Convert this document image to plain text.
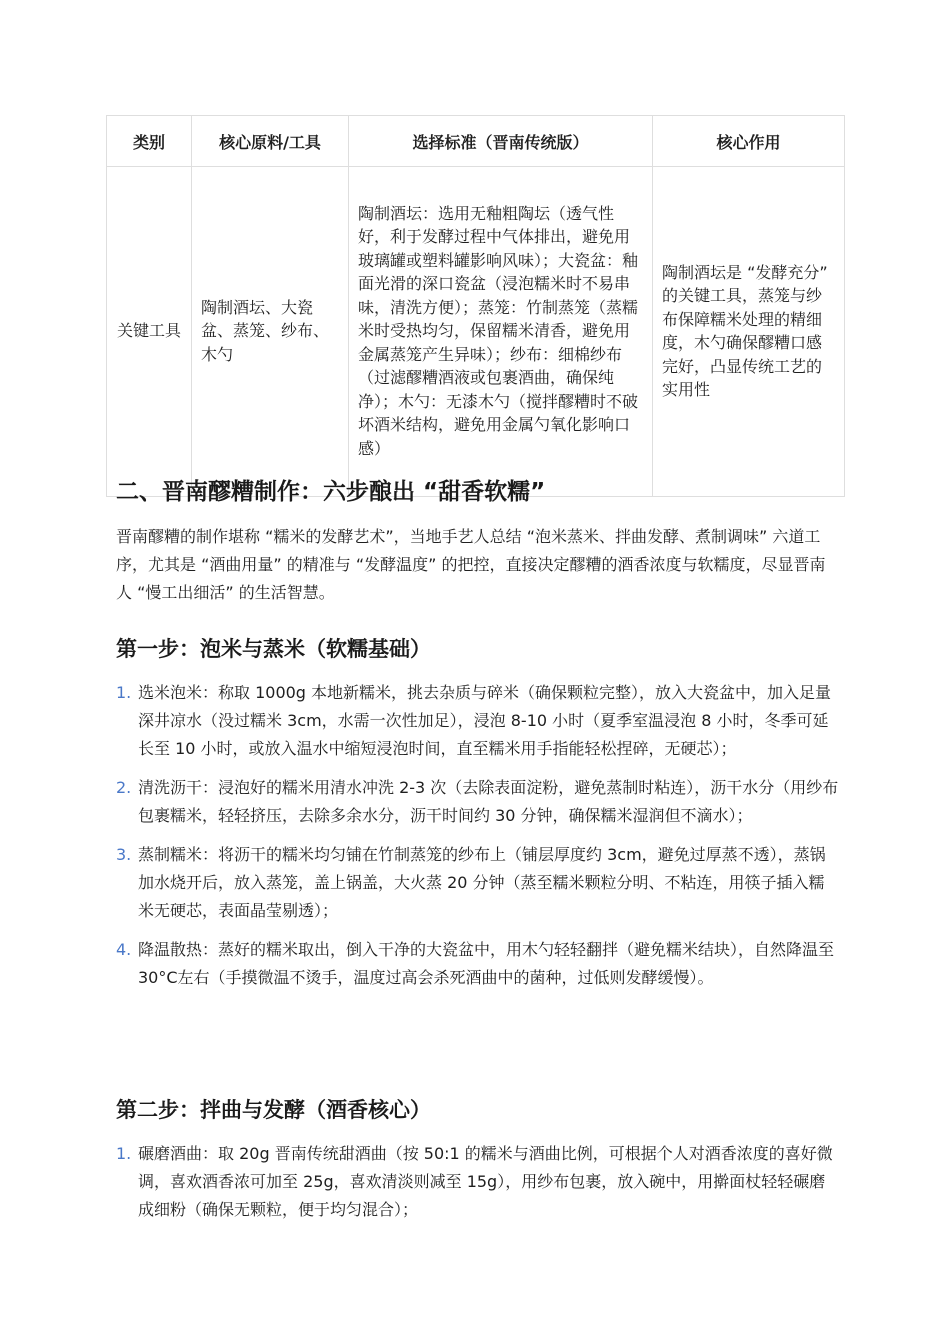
类别	核心原料/工具	选择标准（晋南传统版）	核心作用
关键工具	陶制酒坛、大瓷盆、蒸笼、纱布、木勺	陶制酒坛：选用无釉粗陶坛（透气性好，利于发酵过程中气体排出，避免用玻璃罐或塑料罐影响风味）；大瓷盆：釉面光滑的深口瓷盆（浸泡糯米时不易串味，清洗方便）；蒸笼：竹制蒸笼（蒸糯米时受热均匀，保留糯米清香，避免用金属蒸笼产生异味）；纱布：细棉纱布（过滤醪糟酒液或包裹酒曲，确保纯净）；木勺：无漆木勺（搅拌醪糟时不破坏酒米结构，避免用金属勺氧化影响口感）	陶制酒坛是 “发酵充分” 的关键工具，蒸笼与纱布保障糯米处理的精细度，木勺确保醪糟口感完好，凸显传统工艺的实用性
二、晋南醪糟制作：六步酿出 “甜香软糯”

晋南醪糟的制作堪称 “糯米的发酵艺术”，当地手艺人总结 “泡米蒸米、拌曲发酵、煮制调味” 六道工序，尤其是 “酒曲用量” 的精准与 “发酵温度” 的把控，直接决定醪糟的酒香浓度与软糯度，尽显晋南人 “慢工出细活” 的生活智慧。

第一步：泡米与蒸米（软糯基础）
1. 选米泡米：称取 1000g 本地新糯米，挑去杂质与碎米（确保颗粒完整），放入大瓷盆中，加入足量深井凉水（没过糯米 3cm，水需一次性加足），浸泡 8-10 小时（夏季室温浸泡 8 小时，冬季可延长至 10 小时，或放入温水中缩短浸泡时间，直至糯米用手指能轻松捏碎，无硬芯）；
2. 清洗沥干：浸泡好的糯米用清水冲洗 2-3 次（去除表面淀粉，避免蒸制时粘连），沥干水分（用纱布包裹糯米，轻轻挤压，去除多余水分，沥干时间约 30 分钟，确保糯米湿润但不滴水）；
3. 蒸制糯米：将沥干的糯米均匀铺在竹制蒸笼的纱布上（铺层厚度约 3cm，避免过厚蒸不透），蒸锅加水烧开后，放入蒸笼，盖上锅盖，大火蒸 20 分钟（蒸至糯米颗粒分明、不粘连，用筷子插入糯米无硬芯，表面晶莹剔透）；
4. 降温散热：蒸好的糯米取出，倒入干净的大瓷盆中，用木勺轻轻翻拌（避免糯米结块），自然降温至 30°C左右（手摸微温不烫手，温度过高会杀死酒曲中的菌种，过低则发酵缓慢）。
第二步：拌曲与发酵（酒香核心）
1. 碾磨酒曲：取 20g 晋南传统甜酒曲（按 50:1 的糯米与酒曲比例，可根据个人对酒香浓度的喜好微调，喜欢酒香浓可加至 25g，喜欢清淡则减至 15g），用纱布包裹，放入碗中，用擀面杖轻轻碾磨成细粉（确保无颗粒，便于均匀混合）；
